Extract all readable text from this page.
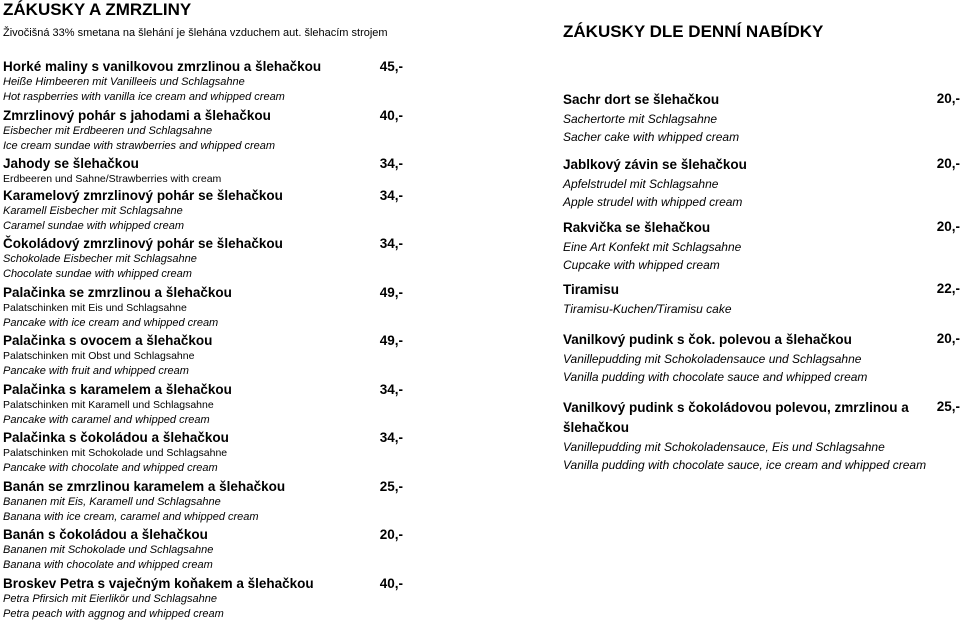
ZÁKUSKY A ZMRZLINY
Živočišná 33% smetana na šlehání je šlehána vzduchem aut. šlehacím strojem	ZÁKUSKY DLE DENNÍ NABÍDKY
Horké maliny s vanilkovou zmrzlinou a šlehačkou	45,-
Heiße Himbeeren mit Vanilleeis und Schlagsahne
Hot raspberries with vanilla ice cream and whipped cream
Zmrzlinový pohár s jahodami a šlehačkou	40,-
Eisbecher mit Erdbeeren und Schlagsahne
Ice cream sundae with strawberries and whipped cream
Jahody se šlehačkou	34,-
Erdbeeren und Sahne/Strawberries with cream
Karamelový zmrzlinový pohár se šlehačkou	34,-
Karamell Eisbecher mit Schlagsahne
Caramel sundae with whipped cream
Čokoládový zmrzlinový pohár se šlehačkou	34,-
Schokolade Eisbecher mit Schlagsahne
Chocolate sundae with whipped cream
Palačinka se zmrzlinou a šlehačkou	49,-
Palatschinken mit Eis und Schlagsahne
Pancake with ice cream and whipped cream
Palačinka s ovocem a šlehačkou	49,-
Palatschinken mit Obst und Schlagsahne
Pancake with fruit and whipped cream
Palačinka s karamelem a šlehačkou	34,-
Palatschinken mit Karamell und Schlagsahne
Pancake with caramel and whipped cream
Palačinka s čokoládou a šlehačkou	34,-
Palatschinken mit Schokolade und Schlagsahne
Pancake with chocolate and whipped cream
Banán se zmrzlinou karamelem a šlehačkou	25,-
Bananen mit Eis, Karamell und Schlagsahne
Banana with ice cream, caramel and whipped cream
Banán s čokoládou a šlehačkou	20,-
Bananen mit Schokolade und Schlagsahne
Banana with chocolate and whipped cream
Broskev Petra s vaječným koňakem a šlehačkou	40,-
Petra Pfirsich mit Eierlikör und Schlagsahne
Petra peach with aggnog and whipped cream
Sachr dort se šlehačkou	20,-
Sachertorte mit Schlagsahne
Sacher cake with whipped cream
Jablkový závin se šlehačkou	20,-
Apfelstrudel mit Schlagsahne
Apple strudel with whipped cream
Rakvička se šlehačkou	20,-
Eine Art Konfekt mit Schlagsahne
Cupcake with whipped cream
Tiramisu	22,-
Tiramisu-Kuchen/Tiramisu cake
Vanilkový pudink s čok. polevou a šlehačkou	20,-
Vanillepudding mit Schokoladensauce und Schlagsahne
Vanilla pudding with chocolate sauce and whipped cream
Vanilkový pudink s čokoládovou polevou, zmrzlinou a šlehačkou
25,-
Vanillepudding mit Schokoladensauce, Eis und Schlagsahne
Vanilla pudding with chocolate sauce, ice cream and whipped cream
